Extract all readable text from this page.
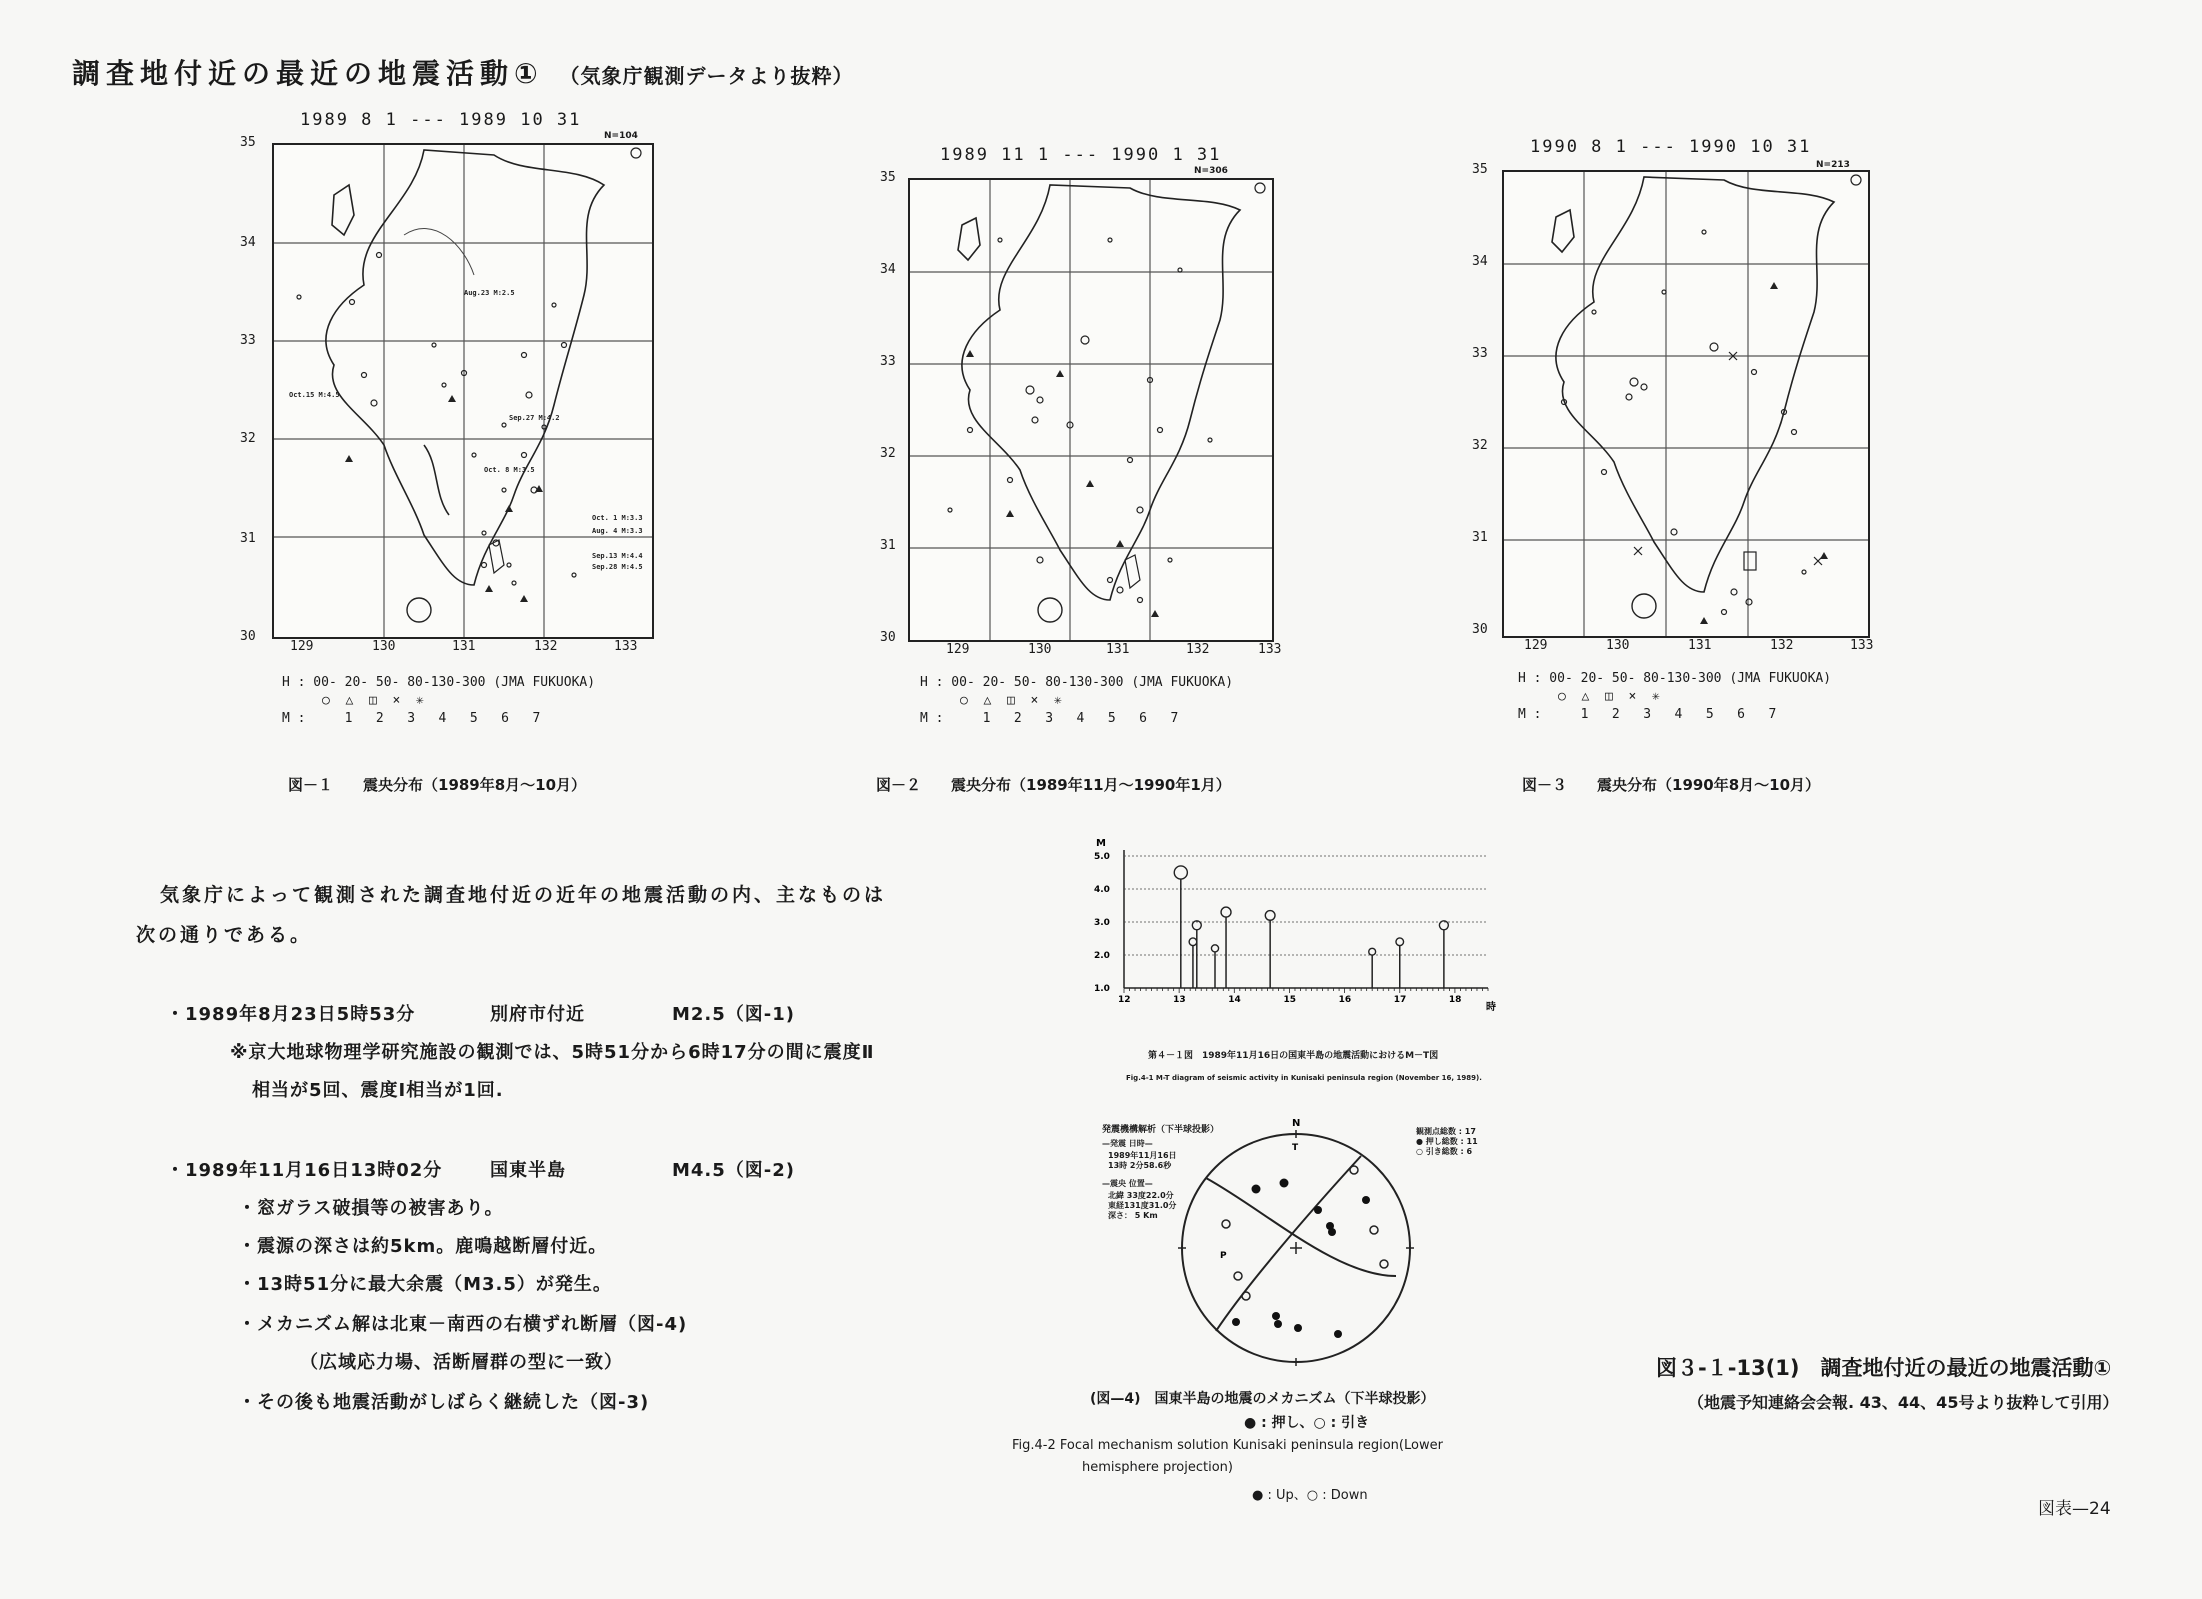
調査地付近の最近の地震活動① （気象庁観測データより抜粋）
1989 8 1 --- 1989 10 31
N=104
35
34
33
32
31
30
Aug.23 M:2.5
Oct.15 M:4.5
Sep.27 M:4.2
Oct. 8 M:3.5
Oct. 1 M:3.3
Aug. 4 M:3.3
Sep.13 M:4.4
Sep.28 M:4.5
129	130	131	132	133
H : 00- 20- 50- 80-130-300 (JMA FUKUOKA)
○  △  ◫  ×  ✳
M :     1   2   3   4   5   6   7
図－１　　震央分布（1989年8月～10月）
1989 11 1 --- 1990 1 31
N=306
35
34
33
32
31
30
129	130	131	132	133
H : 00- 20- 50- 80-130-300 (JMA FUKUOKA)
○  △  ◫  ×  ✳
M :     1   2   3   4   5   6   7
図－２　　震央分布（1989年11月～1990年1月）
1990 8 1 --- 1990 10 31
N=213
35
34
33
32
31
30
129	130	131	132	133
H : 00- 20- 50- 80-130-300 (JMA FUKUOKA)
○  △  ◫  ×  ✳
M :     1   2   3   4   5   6   7
図－３　　震央分布（1990年8月～10月）
気象庁によって観測された調査地付近の近年の地震活動の内、主なものは
次の通りである。
・1989年8月23日5時53分	別府市付近	M2.5（図-1)
※京大地球物理学研究施設の観測では、5時51分から6時17分の間に震度Ⅱ
相当が5回、震度Ⅰ相当が1回.
・1989年11月16日13時02分	国東半島	M4.5（図-2)
・窓ガラス破損等の被害あり。
・震源の深さは約5km。鹿鳴越断層付近。
・13時51分に最大余震（M3.5）が発生。
・メカニズム解は北東－南西の右横ずれ断層（図-4)
（広域応力場、活断層群の型に一致）
・その後も地震活動がしばらく継続した（図-3)
M
時
1.0
2.0
3.0
4.0
5.0
12	13	14	15	16	17	18
第４－１図　1989年11月16日の国東半島の地震活動におけるM－T図
Fig.4-1 M-T diagram of seismic activity in Kunisaki peninsula region (November 16, 1989).
発震機構解析（下半球投影）
—発震 日時—
1989年11月16日
13時 2分58.6秒
—震央 位置—
北緯 33度22.0分
東経131度31.0分
深さ： 5 Km
観測点総数 : 17
● 押し総数 : 11
○ 引き総数 : 6
N
T
P
(図—4)　国東半島の地震のメカニズム（下半球投影）
● : 押し、○ : 引き
Fig.4-2 Focal mechanism solution Kunisaki peninsula region(Lower
hemisphere projection)
● : Up、○ : Down
図３-１-13(1)　調査地付近の最近の地震活動①
（地震予知連絡会会報. 43、44、45号より抜粋して引用）
図表—24
